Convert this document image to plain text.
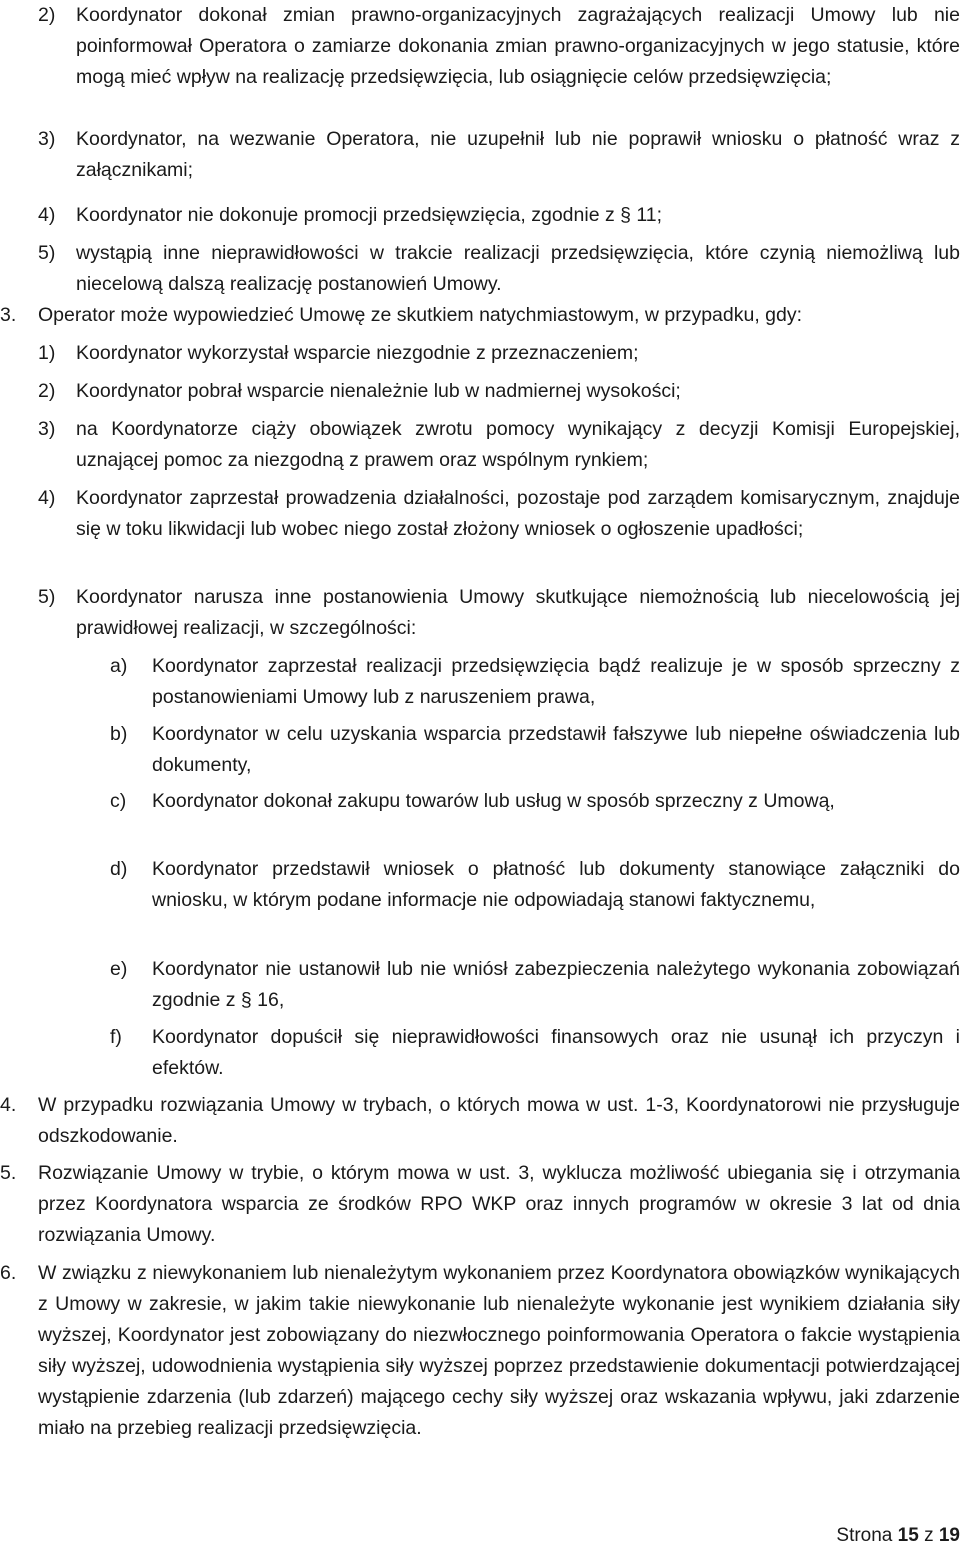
2) Koordynator dokonał zmian prawno-organizacyjnych zagrażających realizacji Umowy lub nie poinformował Operatora o zamiarze dokonania zmian prawno-organizacyjnych w jego statusie, które mogą mieć wpływ na realizację przedsięwzięcia, lub osiągnięcie celów przedsięwzięcia;
3) Koordynator, na wezwanie Operatora, nie uzupełnił lub nie poprawił wniosku o płatność wraz z załącznikami;
4) Koordynator nie dokonuje promocji przedsięwzięcia, zgodnie z § 11;
5) wystąpią inne nieprawidłowości w trakcie realizacji przedsięwzięcia, które czynią niemożliwą lub niecelową dalszą realizację postanowień Umowy.
3. Operator może wypowiedzieć Umowę ze skutkiem natychmiastowym, w przypadku, gdy:
1) Koordynator wykorzystał wsparcie niezgodnie z przeznaczeniem;
2) Koordynator pobrał wsparcie nienależnie lub w nadmiernej wysokości;
3) na Koordynatorze ciąży obowiązek zwrotu pomocy wynikający z decyzji Komisji Europejskiej, uznającej pomoc za niezgodną z prawem oraz wspólnym rynkiem;
4) Koordynator zaprzestał prowadzenia działalności, pozostaje pod zarządem komisarycznym, znajduje się w toku likwidacji lub wobec niego został złożony wniosek o ogłoszenie upadłości;
5) Koordynator narusza inne postanowienia Umowy skutkujące niemożnością lub niecelowością jej prawidłowej realizacji, w szczególności:
a) Koordynator zaprzestał realizacji przedsięwzięcia bądź realizuje je w sposób sprzeczny z postanowieniami Umowy lub z naruszeniem prawa,
b) Koordynator w celu uzyskania wsparcia przedstawił fałszywe lub niepełne oświadczenia lub dokumenty,
c) Koordynator dokonał zakupu towarów lub usług w sposób sprzeczny z Umową,
d) Koordynator przedstawił wniosek o płatność lub dokumenty stanowiące załączniki do wniosku, w którym podane informacje nie odpowiadają stanowi faktycznemu,
e) Koordynator nie ustanowił lub nie wniósł zabezpieczenia należytego wykonania zobowiązań zgodnie z § 16,
f) Koordynator dopuścił się nieprawidłowości finansowych oraz nie usunął ich przyczyn i efektów.
4. W przypadku rozwiązania Umowy w trybach, o których mowa w ust. 1-3, Koordynatorowi nie przysługuje odszkodowanie.
5. Rozwiązanie Umowy w trybie, o którym mowa w ust. 3, wyklucza możliwość ubiegania się i otrzymania przez Koordynatora wsparcia ze środków RPO WKP oraz innych programów w okresie 3 lat od dnia rozwiązania Umowy.
6. W związku z niewykonaniem lub nienależytym wykonaniem przez Koordynatora obowiązków wynikających z Umowy w zakresie, w jakim takie niewykonanie lub nienależyte wykonanie jest wynikiem działania siły wyższej, Koordynator jest zobowiązany do niezwłocznego poinformowania Operatora o fakcie wystąpienia siły wyższej, udowodnienia wystąpienia siły wyższej poprzez przedstawienie dokumentacji potwierdzającej wystąpienie zdarzenia (lub zdarzeń) mającego cechy siły wyższej oraz wskazania wpływu, jaki zdarzenie miało na przebieg realizacji przedsięwzięcia.
Strona 15 z 19
